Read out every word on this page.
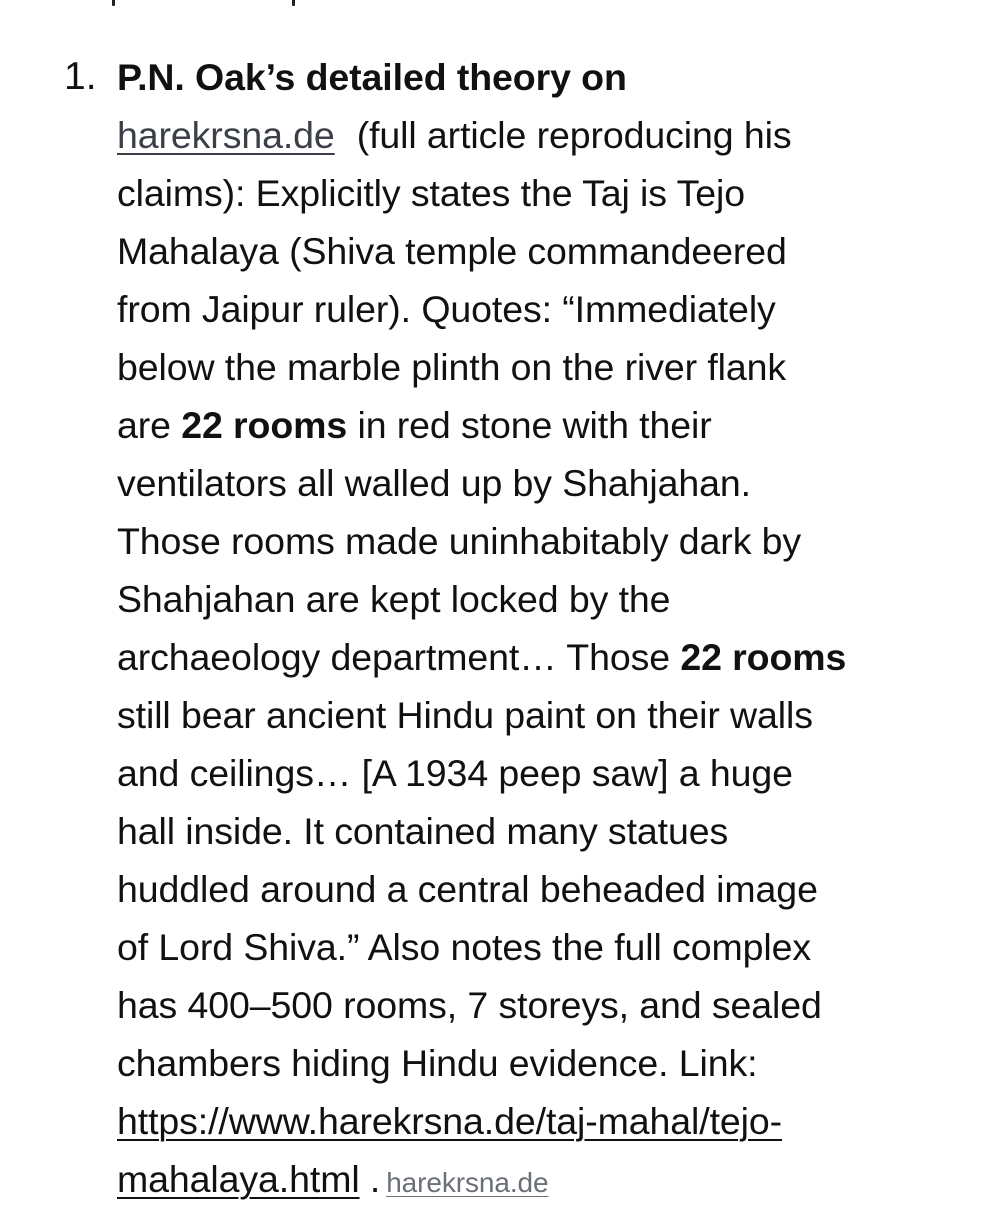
1. P.N. Oak’s detailed theory on
harekrsna.de (full article reproducing his
claims): Explicitly states the Taj is Tejo
Mahalaya (Shiva temple commandeered
from Jaipur ruler). Quotes: “Immediately
below the marble plinth on the river flank
are 22 rooms in red stone with their
ventilators all walled up by Shahjahan.
Those rooms made uninhabitably dark by
Shahjahan are kept locked by the
archaeology department… Those 22 rooms
still bear ancient Hindu paint on their walls
and ceilings… [A 1934 peep saw] a huge
hall inside. It contained many statues
huddled around a central beheaded image
of Lord Shiva.” Also notes the full complex
has 400–500 rooms, 7 storeys, and sealed
chambers hiding Hindu evidence. Link:
https://www.harekrsna.de/taj-mahal/tejo-
mahalaya.html . harekrsna.de
